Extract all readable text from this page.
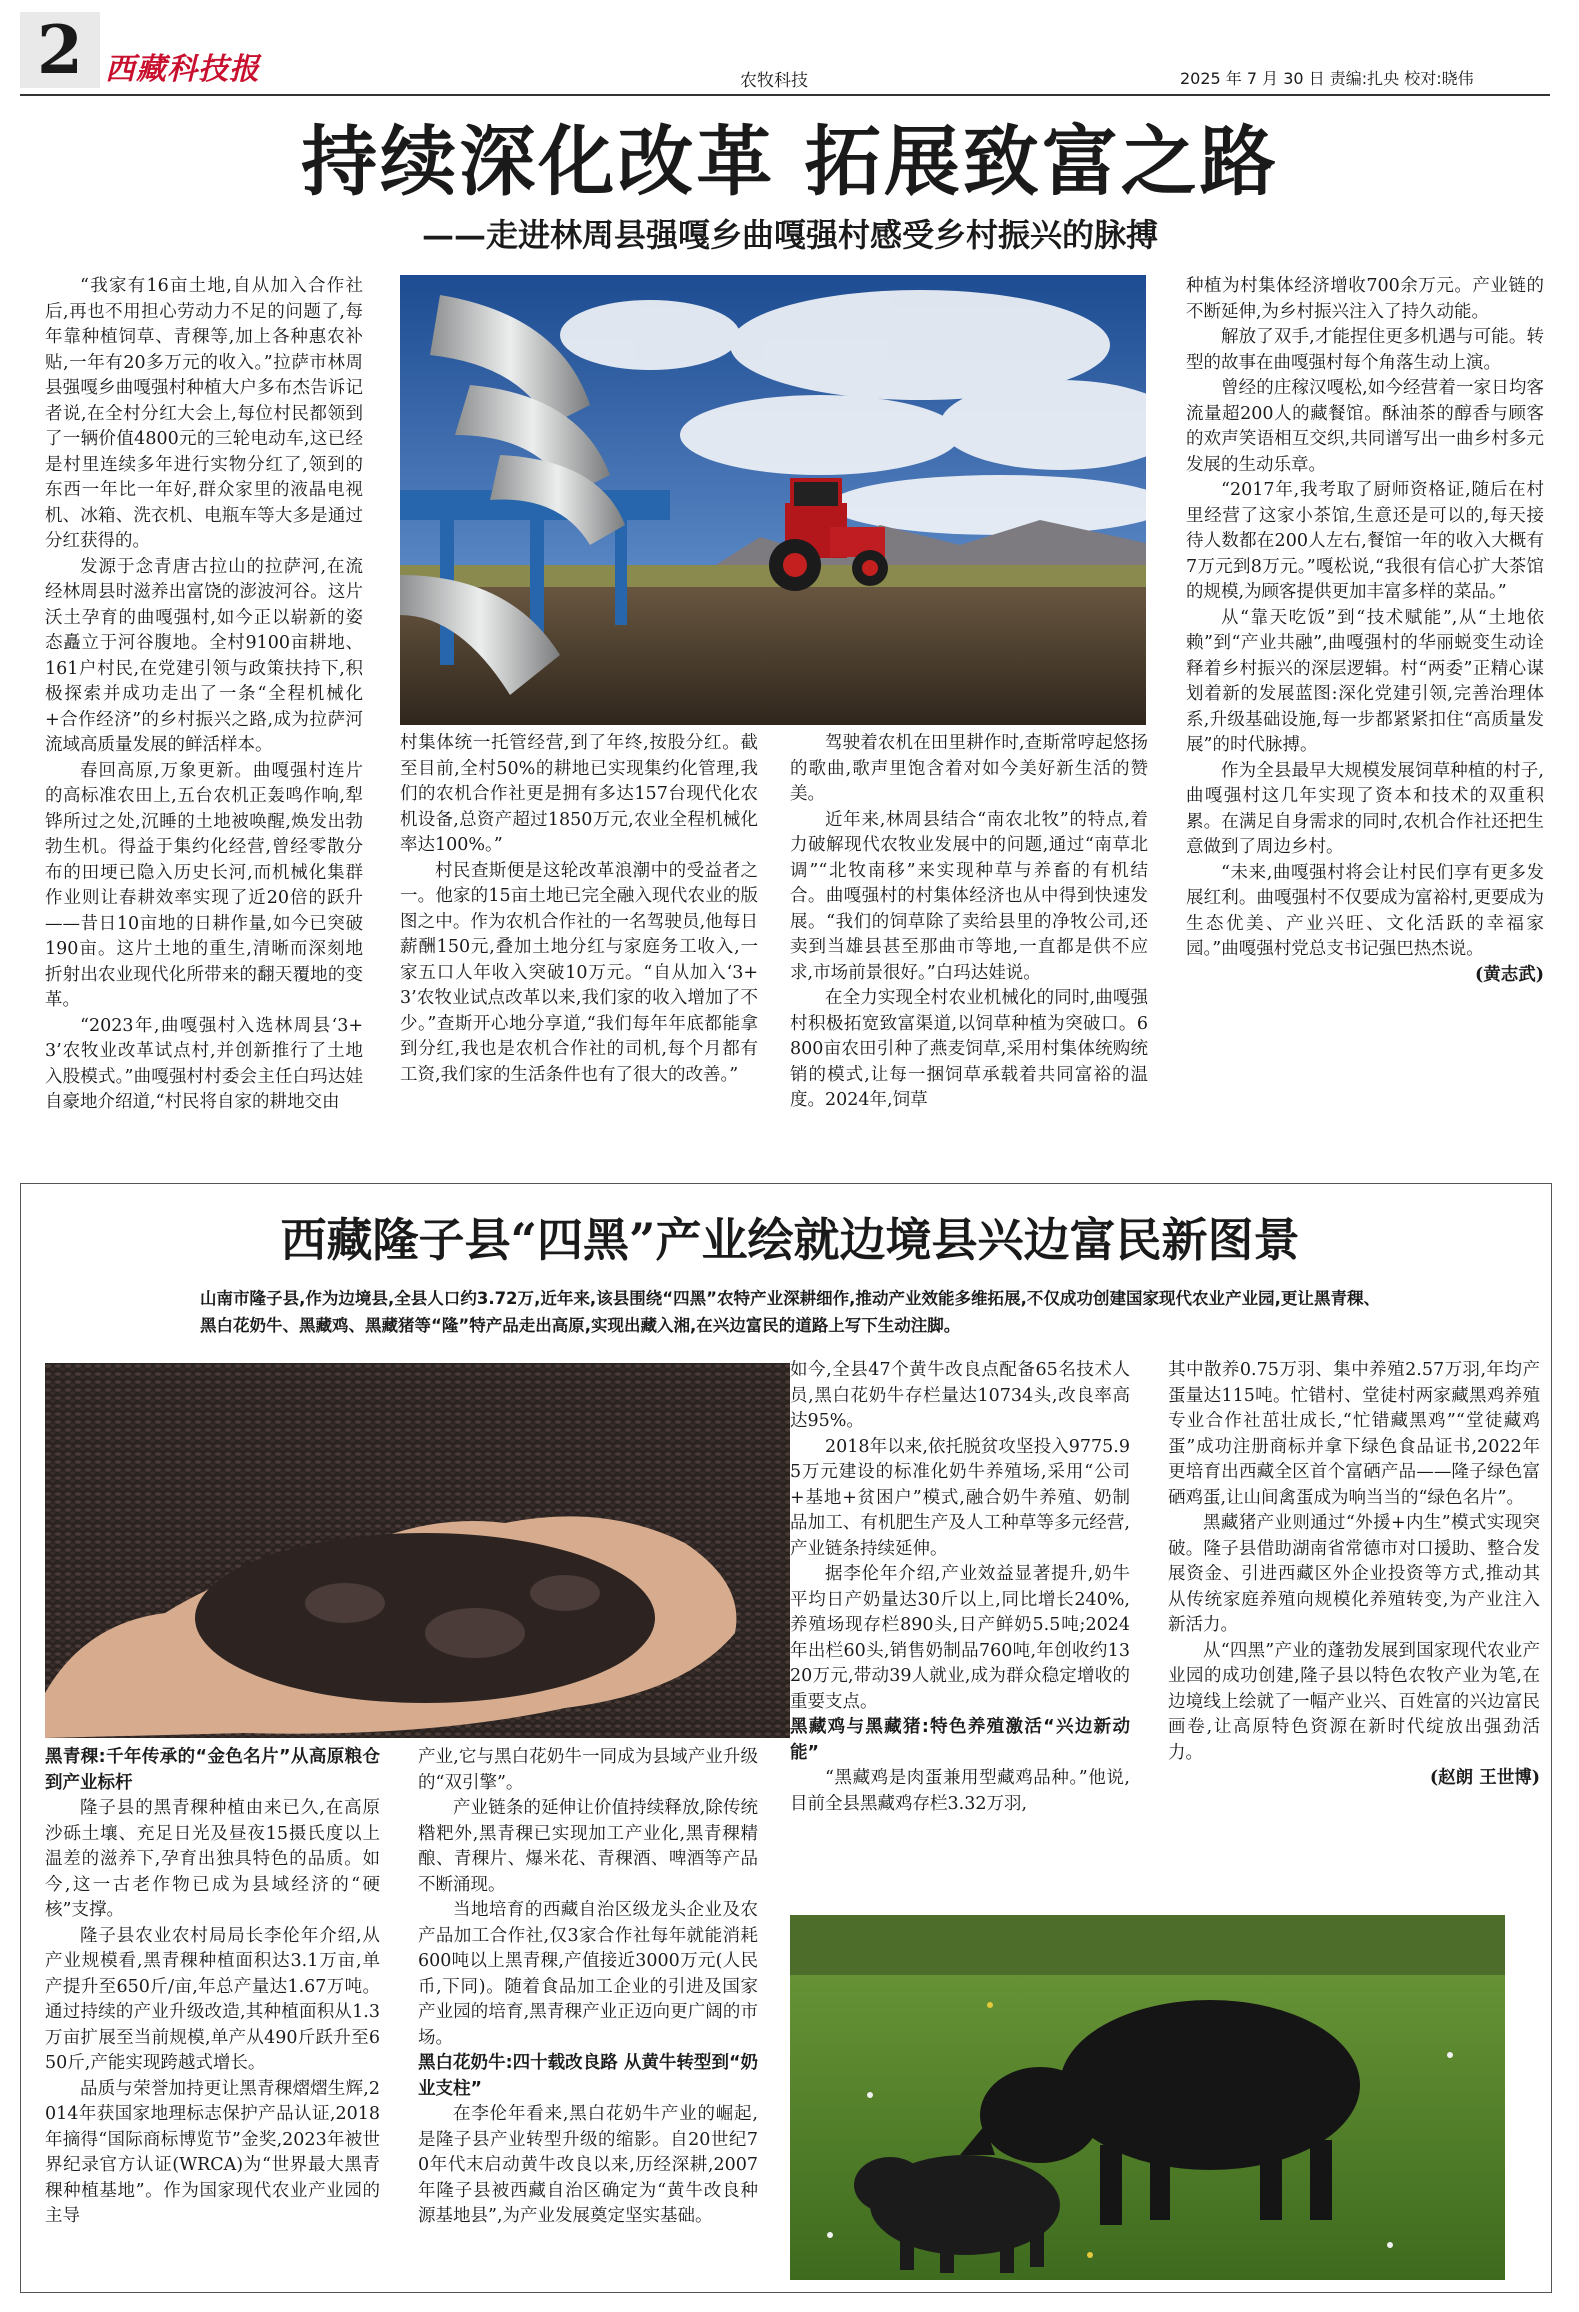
2 西藏科技报	农牧科技	2025 年 7 月 30 日 责编:扎央 校对:晓伟
持续深化改革 拓展致富之路
——走进林周县强嘎乡曲嘎强村感受乡村振兴的脉搏

“我家有16亩土地,自从加入合作社后,再也不用担心劳动力不足的问题了,每年靠种植饲草、青稞等,加上各种惠农补贴,一年有20多万元的收入。”拉萨市林周县强嘎乡曲嘎强村种植大户多布杰告诉记者说,在全村分红大会上,每位村民都领到了一辆价值4800元的三轮电动车,这已经是村里连续多年进行实物分红了,领到的东西一年比一年好,群众家里的液晶电视机、冰箱、洗衣机、电瓶车等大多是通过分红获得的。

发源于念青唐古拉山的拉萨河,在流经林周县时滋养出富饶的澎波河谷。这片沃土孕育的曲嘎强村,如今正以崭新的姿态矗立于河谷腹地。全村9100亩耕地、161户村民,在党建引领与政策扶持下,积极探索并成功走出了一条“全程机械化+合作经济”的乡村振兴之路,成为拉萨河流域高质量发展的鲜活样本。

春回高原,万象更新。曲嘎强村连片的高标准农田上,五台农机正轰鸣作响,犁铧所过之处,沉睡的土地被唤醒,焕发出勃勃生机。得益于集约化经营,曾经零散分布的田埂已隐入历史长河,而机械化集群作业则让春耕效率实现了近20倍的跃升——昔日10亩地的日耕作量,如今已突破190亩。这片土地的重生,清晰而深刻地折射出农业现代化所带来的翻天覆地的变革。

“2023年,曲嘎强村入选林周县‘3+3’农牧业改革试点村,并创新推行了土地入股模式。”曲嘎强村村委会主任白玛达娃自豪地介绍道,“村民将自家的耕地交由

村集体统一托管经营,到了年终,按股分红。截至目前,全村50%的耕地已实现集约化管理,我们的农机合作社更是拥有多达157台现代化农机设备,总资产超过1850万元,农业全程机械化率达100%。”

村民查斯便是这轮改革浪潮中的受益者之一。他家的15亩土地已完全融入现代农业的版图之中。作为农机合作社的一名驾驶员,他每日薪酬150元,叠加土地分红与家庭务工收入,一家五口人年收入突破10万元。“自从加入‘3+3’农牧业试点改革以来,我们家的收入增加了不少。”查斯开心地分享道,“我们每年年底都能拿到分红,我也是农机合作社的司机,每个月都有工资,我们家的生活条件也有了很大的改善。”

驾驶着农机在田里耕作时,查斯常哼起悠扬的歌曲,歌声里饱含着对如今美好新生活的赞美。

近年来,林周县结合“南农北牧”的特点,着力破解现代农牧业发展中的问题,通过“南草北调”“北牧南移”来实现种草与养畜的有机结合。曲嘎强村的村集体经济也从中得到快速发展。“我们的饲草除了卖给县里的净牧公司,还卖到当雄县甚至那曲市等地,一直都是供不应求,市场前景很好。”白玛达娃说。

在全力实现全村农业机械化的同时,曲嘎强村积极拓宽致富渠道,以饲草种植为突破口。6800亩农田引种了燕麦饲草,采用村集体统购统销的模式,让每一捆饲草承载着共同富裕的温度。2024年,饲草

种植为村集体经济增收700余万元。产业链的不断延伸,为乡村振兴注入了持久动能。

解放了双手,才能捏住更多机遇与可能。转型的故事在曲嘎强村每个角落生动上演。

曾经的庄稼汉嘎松,如今经营着一家日均客流量超200人的藏餐馆。酥油茶的醇香与顾客的欢声笑语相互交织,共同谱写出一曲乡村多元发展的生动乐章。

“2017年,我考取了厨师资格证,随后在村里经营了这家小茶馆,生意还是可以的,每天接待人数都在200人左右,餐馆一年的收入大概有7万元到8万元。”嘎松说,“我很有信心扩大茶馆的规模,为顾客提供更加丰富多样的菜品。”

从“靠天吃饭”到“技术赋能”,从“土地依赖”到“产业共融”,曲嘎强村的华丽蜕变生动诠释着乡村振兴的深层逻辑。村“两委”正精心谋划着新的发展蓝图:深化党建引领,完善治理体系,升级基础设施,每一步都紧紧扣住“高质量发展”的时代脉搏。

作为全县最早大规模发展饲草种植的村子,曲嘎强村这几年实现了资本和技术的双重积累。在满足自身需求的同时,农机合作社还把生意做到了周边乡村。

“未来,曲嘎强村将会让村民们享有更多发展红利。曲嘎强村不仅要成为富裕村,更要成为生态优美、产业兴旺、文化活跃的幸福家园。”曲嘎强村党总支书记强巴热杰说。

(黄志武)

西藏隆子县“四黑”产业绘就边境县兴边富民新图景
山南市隆子县,作为边境县,全县人口约3.72万,近年来,该县围绕“四黑”农特产业深耕细作,推动产业效能多维拓展,不仅成功创建国家现代农业产业园,更让黑青稞、黑白花奶牛、黑藏鸡、黑藏猪等“隆”特产品走出高原,实现出藏入湘,在兴边富民的道路上写下生动注脚。

黑青稞:千年传承的“金色名片”从高原粮仓到产业标杆

隆子县的黑青稞种植由来已久,在高原沙砾土壤、充足日光及昼夜15摄氏度以上温差的滋养下,孕育出独具特色的品质。如今,这一古老作物已成为县域经济的“硬核”支撑。

隆子县农业农村局局长李伦年介绍,从产业规模看,黑青稞种植面积达3.1万亩,单产提升至650斤/亩,年总产量达1.67万吨。通过持续的产业升级改造,其种植面积从1.3万亩扩展至当前规模,单产从490斤跃升至650斤,产能实现跨越式增长。

品质与荣誉加持更让黑青稞熠熠生辉,2014年获国家地理标志保护产品认证,2018年摘得“国际商标博览节”金奖,2023年被世界纪录官方认证(WRCA)为“世界最大黑青稞种植基地”。作为国家现代农业产业园的主导

产业,它与黑白花奶牛一同成为县域产业升级的“双引擎”。

产业链条的延伸让价值持续释放,除传统糌粑外,黑青稞已实现加工产业化,黑青稞精酿、青稞片、爆米花、青稞酒、啤酒等产品不断涌现。

当地培育的西藏自治区级龙头企业及农产品加工合作社,仅3家合作社每年就能消耗600吨以上黑青稞,产值接近3000万元(人民币,下同)。随着食品加工企业的引进及国家产业园的培育,黑青稞产业正迈向更广阔的市场。

黑白花奶牛:四十载改良路 从黄牛转型到“奶业支柱”

在李伦年看来,黑白花奶牛产业的崛起,是隆子县产业转型升级的缩影。自20世纪70年代末启动黄牛改良以来,历经深耕,2007年隆子县被西藏自治区确定为“黄牛改良种源基地县”,为产业发展奠定坚实基础。

如今,全县47个黄牛改良点配备65名技术人员,黑白花奶牛存栏量达10734头,改良率高达95%。

2018年以来,依托脱贫攻坚投入9775.95万元建设的标准化奶牛养殖场,采用“公司+基地+贫困户”模式,融合奶牛养殖、奶制品加工、有机肥生产及人工种草等多元经营,产业链条持续延伸。

据李伦年介绍,产业效益显著提升,奶牛平均日产奶量达30斤以上,同比增长240%,养殖场现存栏890头,日产鲜奶5.5吨;2024年出栏60头,销售奶制品760吨,年创收约1320万元,带动39人就业,成为群众稳定增收的重要支点。

黑藏鸡与黑藏猪:特色养殖激活“兴边新动能”

“黑藏鸡是肉蛋兼用型藏鸡品种。”他说,目前全县黑藏鸡存栏3.32万羽,

其中散养0.75万羽、集中养殖2.57万羽,年均产蛋量达115吨。忙错村、堂徒村两家藏黑鸡养殖专业合作社茁壮成长,“忙错藏黑鸡”“堂徒藏鸡蛋”成功注册商标并拿下绿色食品证书,2022年更培育出西藏全区首个富硒产品——隆子绿色富硒鸡蛋,让山间禽蛋成为响当当的“绿色名片”。

黑藏猪产业则通过“外援+内生”模式实现突破。隆子县借助湖南省常德市对口援助、整合发展资金、引进西藏区外企业投资等方式,推动其从传统家庭养殖向规模化养殖转变,为产业注入新活力。

从“四黑”产业的蓬勃发展到国家现代农业产业园的成功创建,隆子县以特色农牧产业为笔,在边境线上绘就了一幅产业兴、百姓富的兴边富民画卷,让高原特色资源在新时代绽放出强劲活力。

(赵朗 王世博)
